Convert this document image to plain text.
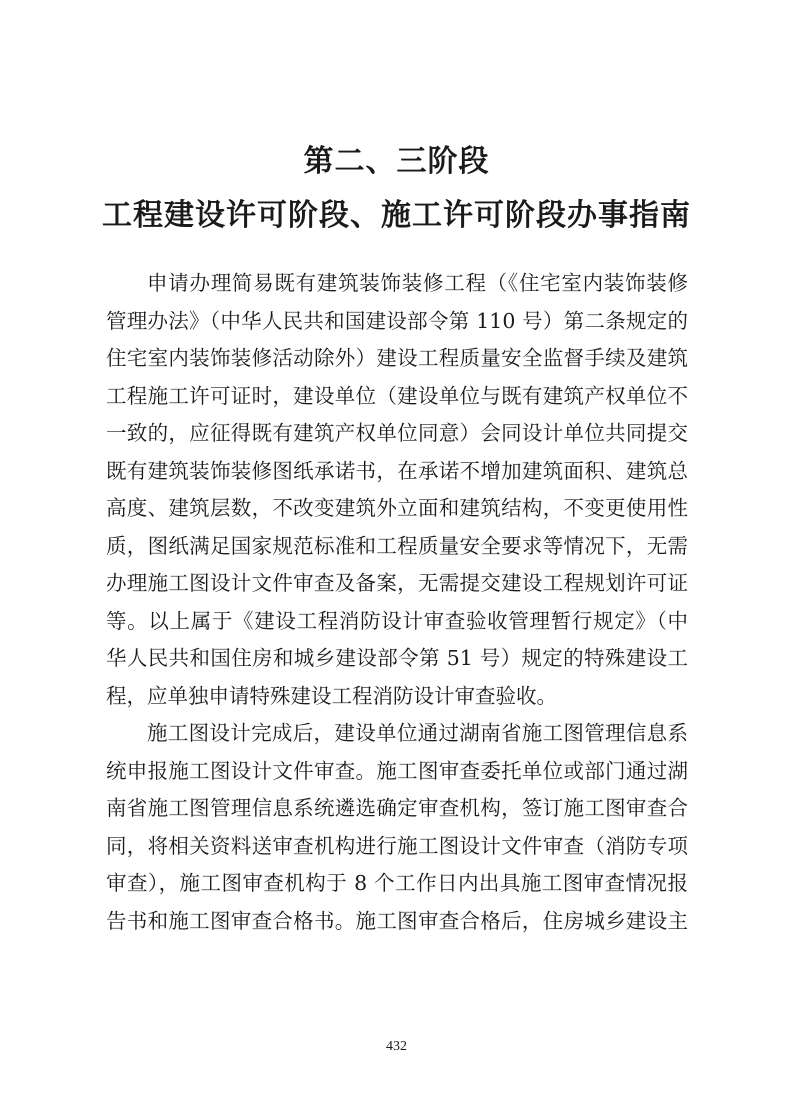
第二、三阶段
工程建设许可阶段、施工许可阶段办事指南
申请办理简易既有建筑装饰装修工程（《住宅室内装饰装修
管理办法》（中华人民共和国建设部令第 110 号）第二条规定的
住宅室内装饰装修活动除外）建设工程质量安全监督手续及建筑
工程施工许可证时，建设单位（建设单位与既有建筑产权单位不
一致的，应征得既有建筑产权单位同意）会同设计单位共同提交
既有建筑装饰装修图纸承诺书，在承诺不增加建筑面积、建筑总
高度、建筑层数，不改变建筑外立面和建筑结构，不变更使用性
质，图纸满足国家规范标准和工程质量安全要求等情况下，无需
办理施工图设计文件审查及备案，无需提交建设工程规划许可证
等。以上属于《建设工程消防设计审查验收管理暂行规定》（中
华人民共和国住房和城乡建设部令第 51 号）规定的特殊建设工
程，应单独申请特殊建设工程消防设计审查验收。
施工图设计完成后，建设单位通过湖南省施工图管理信息系
统申报施工图设计文件审查。施工图审查委托单位或部门通过湖
南省施工图管理信息系统遴选确定审查机构，签订施工图审查合
同，将相关资料送审查机构进行施工图设计文件审查（消防专项
审查），施工图审查机构于 8 个工作日内出具施工图审查情况报
告书和施工图审查合格书。施工图审查合格后，住房城乡建设主
432
